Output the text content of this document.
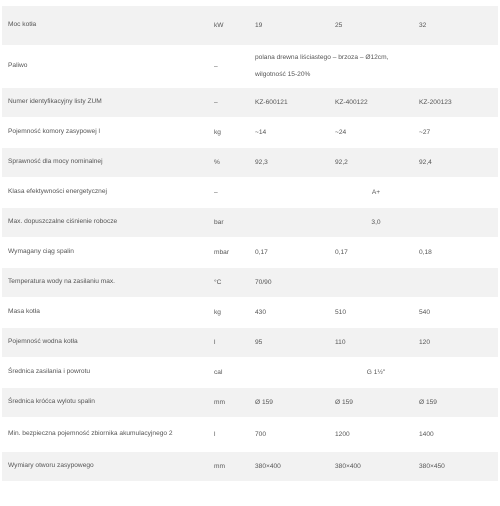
Moc kotła	kW	19	25	32
Paliwo	–
polana drewna liściastego – brzoza – Ø12cm,
wilgotność 15-20%
Numer identyfikacyjny listy ZUM	–	KZ-600121	KZ-400122	KZ-200123
Pojemność komory zasypowej l	kg	~14	~24	~27
Sprawność dla mocy nominalnej	%	92,3	92,2	92,4
Klasa efektywności energetycznej	–	A+
Max. dopuszczalne ciśnienie robocze	bar	3,0
Wymagany ciąg spalin	mbar	0,17	0,17	0,18
Temperatura wody na zasilaniu max.	°C	70/90
Masa kotła	kg	430	510	540
Pojemność wodna kotła	l	95	110	120
Średnica zasilania i powrotu	cal	G 1½"
Średnica króćca wylotu spalin	mm	Ø 159	Ø 159	Ø 159
Min. bezpieczna pojemność zbiornika akumulacyjnego 2	l	700	1200	1400
Wymiary otworu zasypowego	mm	380×400	380×400	380×450
